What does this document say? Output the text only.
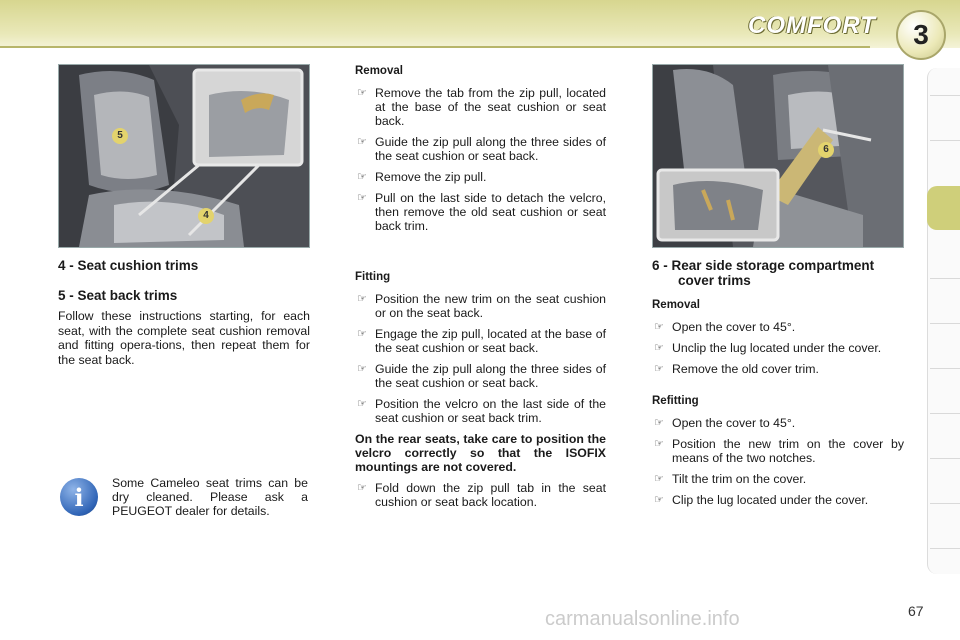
COMFORT	3
5
4
6
4 - Seat cushion trims
5 - Seat back trims

Follow these instructions starting, for each seat, with the complete seat cushion removal and fitting opera-tions, then repeat them for the seat back.

i	Some Cameleo seat trims can be dry cleaned. Please ask a PEUGEOT dealer for details.

Removal
☞ Remove the tab from the zip pull, located at the base of the seat cushion or seat back.
☞ Guide the zip pull along the three sides of the seat cushion or seat back.
☞ Remove the zip pull.
☞ Pull on the last side to detach the velcro, then remove the old seat cushion or seat back trim.
Fitting
☞ Position the new trim on the seat cushion or on the seat back.
☞ Engage the zip pull, located at the base of the seat cushion or seat back.
☞ Guide the zip pull along the three sides of the seat cushion or seat back.
☞ Position the velcro on the last side of the seat cushion or seat back trim.

On the rear seats, take care to position the velcro correctly so that the ISOFIX mountings are not covered.

☞ Fold down the zip pull tab in the seat cushion or seat back location.
6 - Rear side storage compartment cover trims
Removal
☞ Open the cover to 45°.
☞ Unclip the lug located under the cover.
☞ Remove the old cover trim.
Refitting
☞ Open the cover to 45°.
☞ Position the new trim on the cover by means of the two notches.
☞ Tilt the trim on the cover.
☞ Clip the lug located under the cover.
carmanualsonline.info	67
